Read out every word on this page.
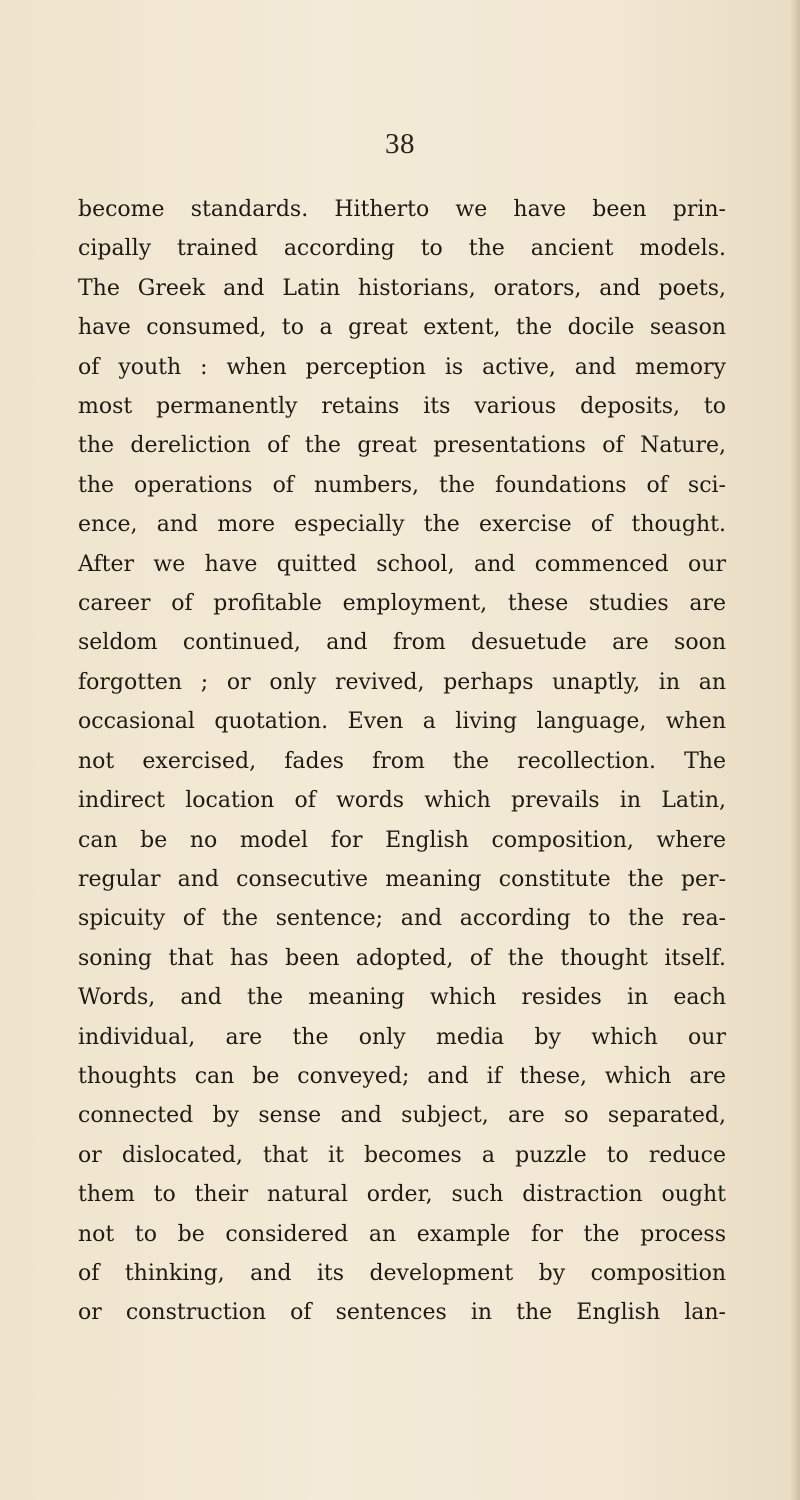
38
become standards. Hitherto we have been prin-
cipally trained according to the ancient models.
The Greek and Latin historians, orators, and poets,
have consumed, to a great extent, the docile season
of youth : when perception is active, and memory
most permanently retains its various deposits, to
the dereliction of the great presentations of Nature,
the operations of numbers, the foundations of sci-
ence, and more especially the exercise of thought.
After we have quitted school, and commenced our
career of profitable employment, these studies are
seldom continued, and from desuetude are soon
forgotten ; or only revived, perhaps unaptly, in an
occasional quotation. Even a living language, when
not exercised, fades from the recollection. The
indirect location of words which prevails in Latin,
can be no model for English composition, where
regular and consecutive meaning constitute the per-
spicuity of the sentence; and according to the rea-
soning that has been adopted, of the thought itself.
Words, and the meaning which resides in each
individual, are the only media by which our
thoughts can be conveyed; and if these, which are
connected by sense and subject, are so separated,
or dislocated, that it becomes a puzzle to reduce
them to their natural order, such distraction ought
not to be considered an example for the process
of thinking, and its development by composition
or construction of sentences in the English lan-
